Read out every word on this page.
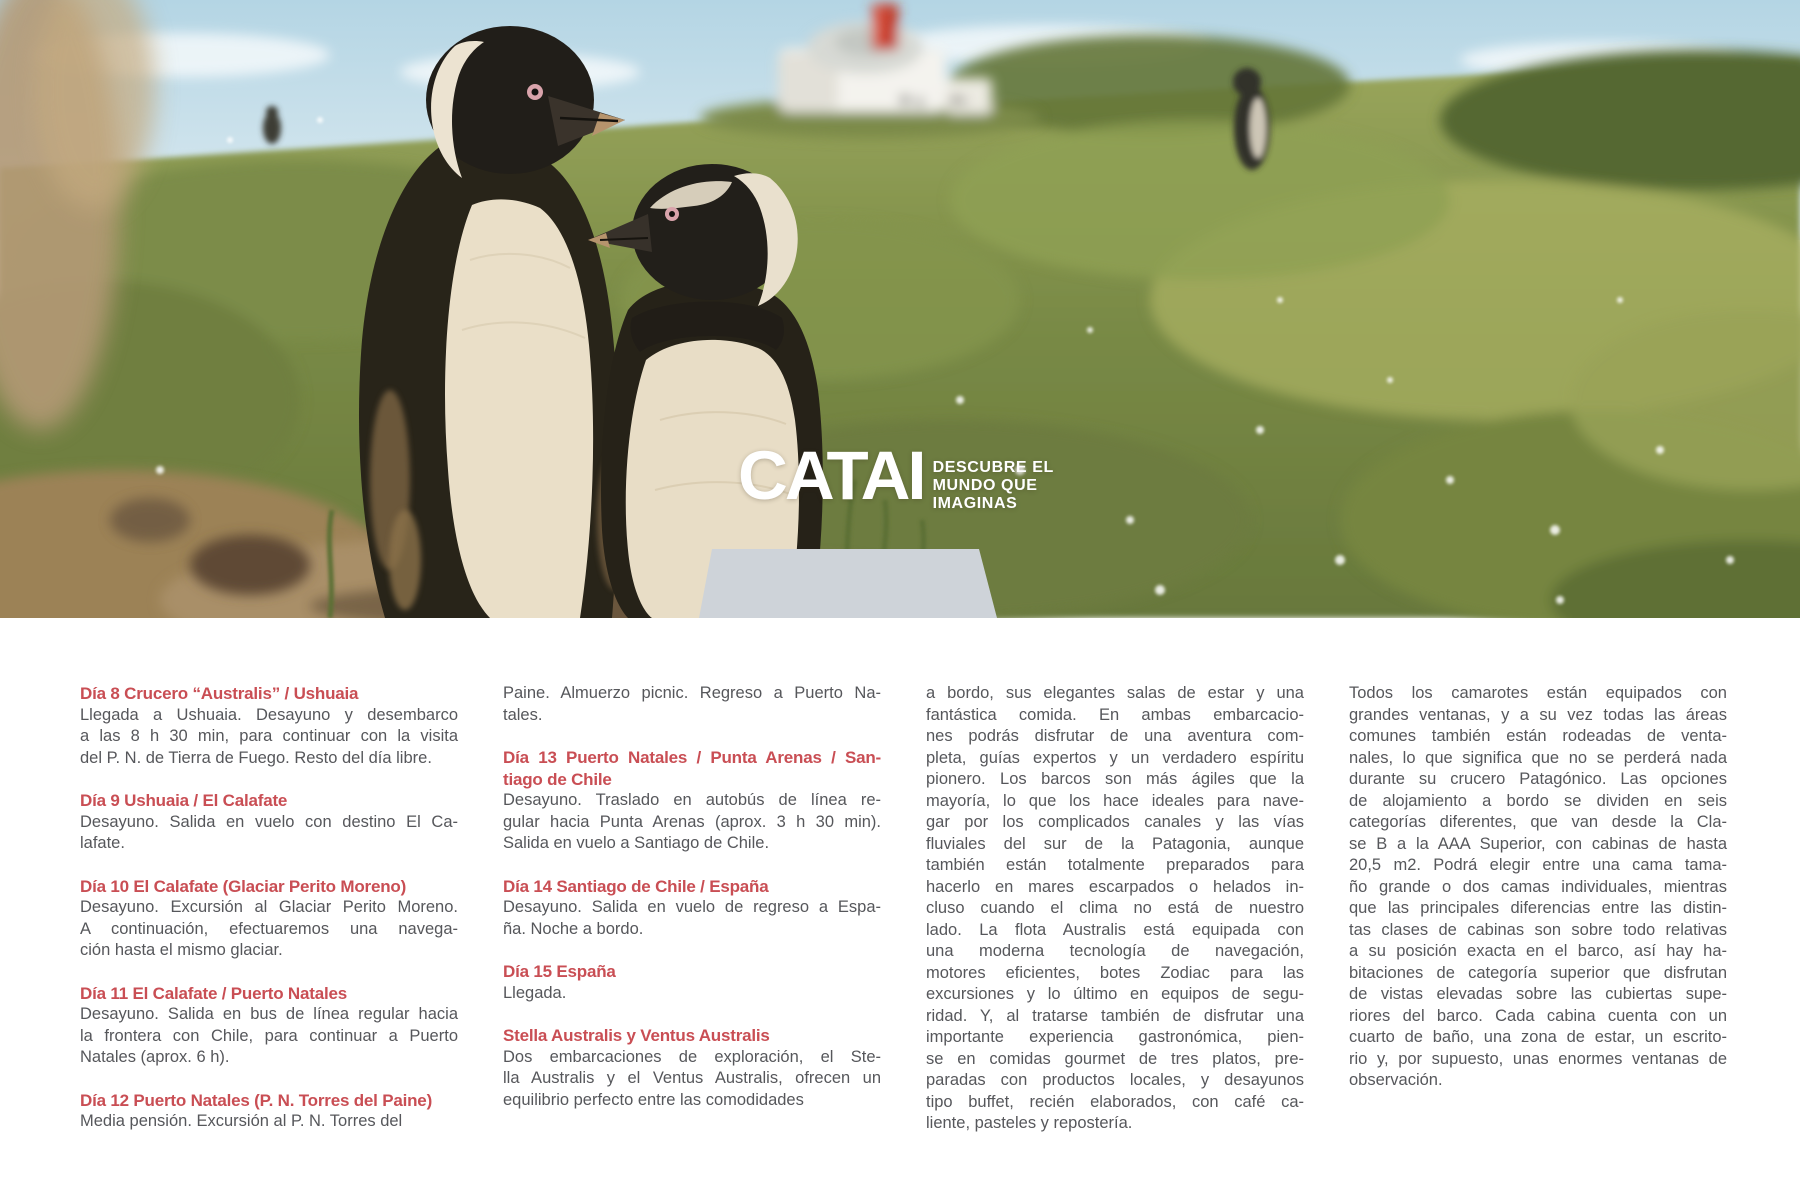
CATAI DESCUBRE EL
MUNDO QUE
IMAGINAS
Día 8 Crucero “Australis” / Ushuaia
Llegada a Ushuaia. Desayuno y desembarco
a las 8 h 30 min, para continuar con la visita
del P. N. de Tierra de Fuego. Resto del día libre.
Día 9 Ushuaia / El Calafate
Desayuno. Salida en vuelo con destino El Ca-
lafate.
Día 10 El Calafate (Glaciar Perito Moreno)
Desayuno. Excursión al Glaciar Perito Moreno.
A continuación, efectuaremos una navega-
ción hasta el mismo glaciar.
Día 11 El Calafate / Puerto Natales
Desayuno. Salida en bus de línea regular hacia
la frontera con Chile, para continuar a Puerto
Natales (aprox. 6 h).
Día 12 Puerto Natales (P. N. Torres del Paine)
Media pensión. Excursión al P. N. Torres del
Paine. Almuerzo picnic. Regreso a Puerto Na-
tales.
Día 13 Puerto Natales / Punta Arenas / San-
tiago de Chile
Desayuno. Traslado en autobús de línea re-
gular hacia Punta Arenas (aprox. 3 h 30 min).
Salida en vuelo a Santiago de Chile.
Día 14 Santiago de Chile / España
Desayuno. Salida en vuelo de regreso a Espa-
ña. Noche a bordo.
Día 15 España
Llegada.
Stella Australis y Ventus Australis
Dos embarcaciones de exploración, el Ste-
lla Australis y el Ventus Australis, ofrecen un
equilibrio perfecto entre las comodidades
a bordo, sus elegantes salas de estar y una
fantástica comida. En ambas embarcacio-
nes podrás disfrutar de una aventura com-
pleta, guías expertos y un verdadero espíritu
pionero. Los barcos son más ágiles que la
mayoría, lo que los hace ideales para nave-
gar por los complicados canales y las vías
fluviales del sur de la Patagonia, aunque
también están totalmente preparados para
hacerlo en mares escarpados o helados in-
cluso cuando el clima no está de nuestro
lado. La flota Australis está equipada con
una moderna tecnología de navegación,
motores eficientes, botes Zodiac para las
excursiones y lo último en equipos de segu-
ridad. Y, al tratarse también de disfrutar una
importante experiencia gastronómica, pien-
se en comidas gourmet de tres platos, pre-
paradas con productos locales, y desayunos
tipo buffet, recién elaborados, con café ca-
liente, pasteles y repostería.
Todos los camarotes están equipados con
grandes ventanas, y a su vez todas las áreas
comunes también están rodeadas de venta-
nales, lo que significa que no se perderá nada
durante su crucero Patagónico. Las opciones
de alojamiento a bordo se dividen en seis
categorías diferentes, que van desde la Cla-
se B a la AAA Superior, con cabinas de hasta
20,5 m2. Podrá elegir entre una cama tama-
ño grande o dos camas individuales, mientras
que las principales diferencias entre las distin-
tas clases de cabinas son sobre todo relativas
a su posición exacta en el barco, así hay ha-
bitaciones de categoría superior que disfrutan
de vistas elevadas sobre las cubiertas supe-
riores del barco. Cada cabina cuenta con un
cuarto de baño, una zona de estar, un escrito-
rio y, por supuesto, unas enormes ventanas de
observación.
